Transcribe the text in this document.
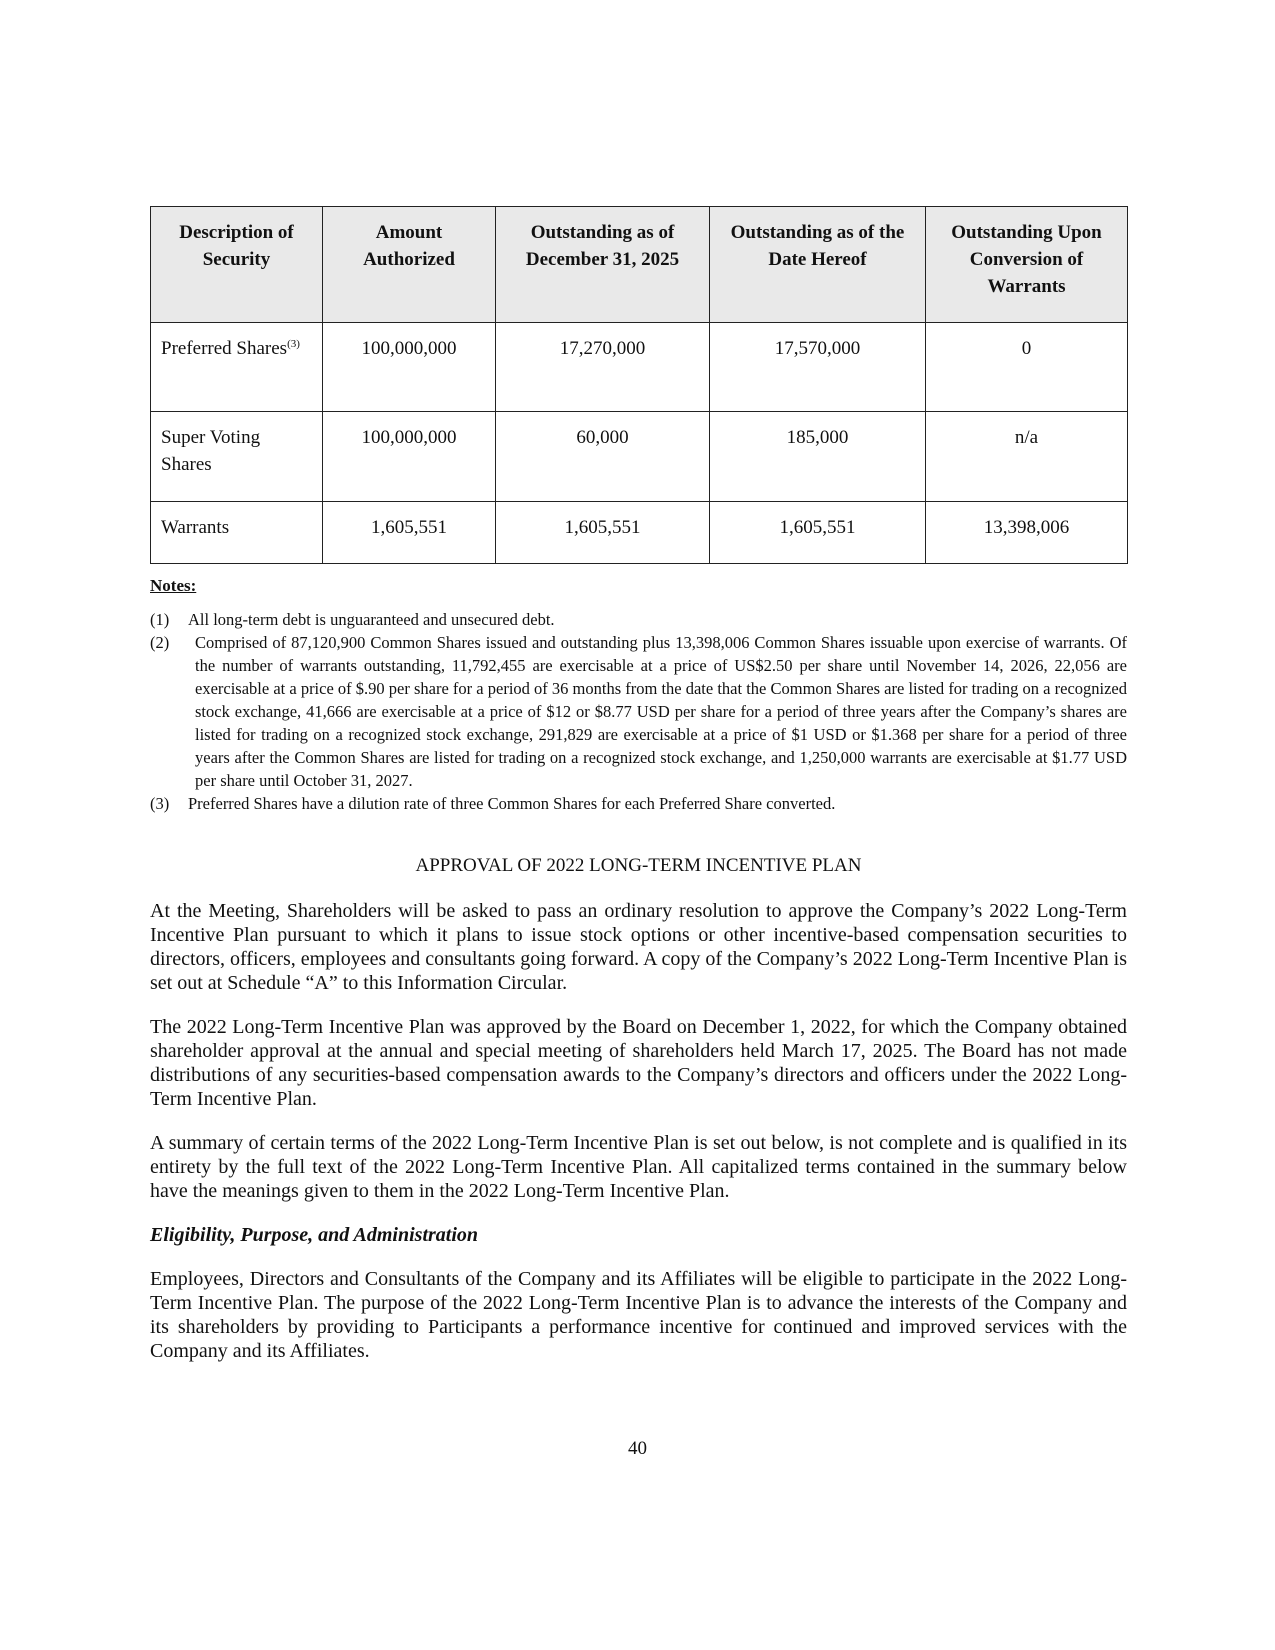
Description of Security	Amount Authorized	Outstanding as of December 31, 2025	Outstanding as of the Date Hereof	Outstanding Upon Conversion of Warrants
Preferred Shares$^{(3)}$	100,000,000	17,270,000	17,570,000	0
Super Voting Shares	100,000,000	60,000	185,000	n/a
Warrants	1,605,551	1,605,551	1,605,551	13,398,006
Notes:
(1)	All long-term debt is unguaranteed and unsecured debt.
(2)	Comprised of 87,120,900 Common Shares issued and outstanding plus 13,398,006 Common Shares issuable upon exercise of warrants. Of the number of warrants outstanding, 11,792,455 are exercisable at a price of US$2.50 per share until November 14, 2026, 22,056 are exercisable at a price of $.90 per share for a period of 36 months from the date that the Common Shares are listed for trading on a recognized stock exchange, 41,666 are exercisable at a price of $12 or $8.77 USD per share for a period of three years after the Company’s shares are listed for trading on a recognized stock exchange, 291,829 are exercisable at a price of $1 USD or $1.368 per share for a period of three years after the Common Shares are listed for trading on a recognized stock exchange, and 1,250,000 warrants are exercisable at $1.77 USD per share until October 31, 2027.
(3)	Preferred Shares have a dilution rate of three Common Shares for each Preferred Share converted.
APPROVAL OF 2022 LONG-TERM INCENTIVE PLAN

At the Meeting, Shareholders will be asked to pass an ordinary resolution to approve the Company’s 2022 Long-Term Incentive Plan pursuant to which it plans to issue stock options or other incentive-based compensation securities to directors, officers, employees and consultants going forward. A copy of the Company’s 2022 Long-Term Incentive Plan is set out at Schedule “A” to this Information Circular.

The 2022 Long-Term Incentive Plan was approved by the Board on December 1, 2022, for which the Company obtained shareholder approval at the annual and special meeting of shareholders held March 17, 2025. The Board has not made distributions of any securities-based compensation awards to the Company’s directors and officers under the 2022 Long-Term Incentive Plan.

A summary of certain terms of the 2022 Long-Term Incentive Plan is set out below, is not complete and is qualified in its entirety by the full text of the 2022 Long-Term Incentive Plan. All capitalized terms contained in the summary below have the meanings given to them in the 2022 Long-Term Incentive Plan.

Eligibility, Purpose, and Administration

Employees, Directors and Consultants of the Company and its Affiliates will be eligible to participate in the 2022 Long-Term Incentive Plan. The purpose of the 2022 Long-Term Incentive Plan is to advance the interests of the Company and its shareholders by providing to Participants a performance incentive for continued and improved services with the Company and its Affiliates.

40
